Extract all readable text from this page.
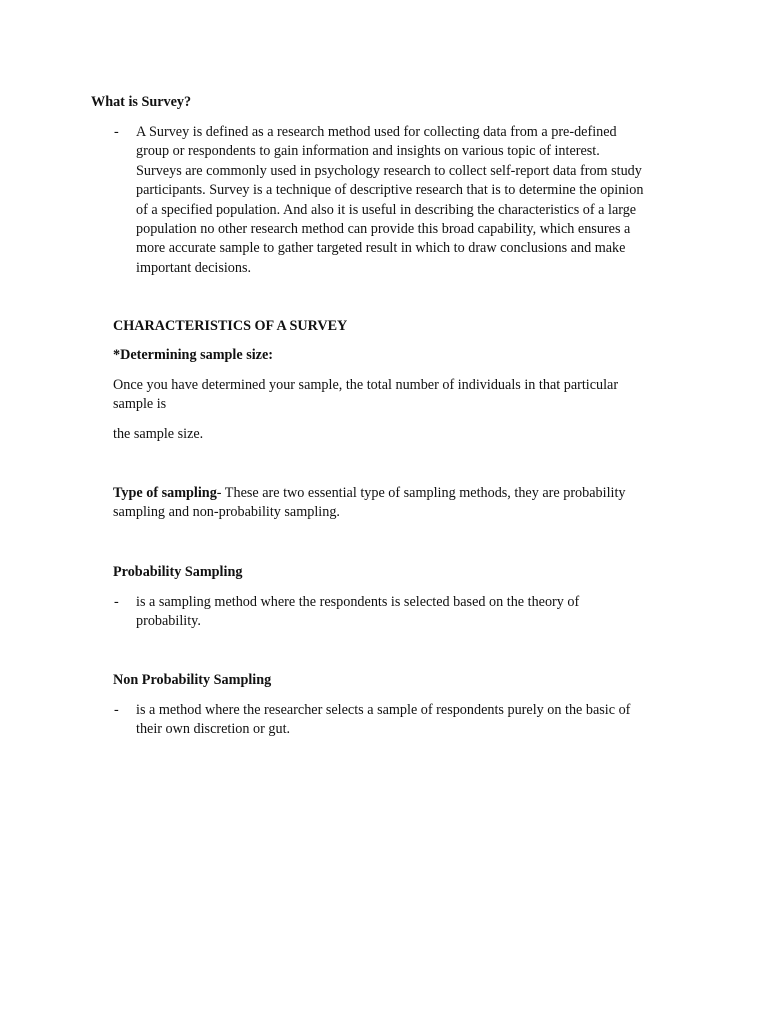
What is Survey?
- A Survey is defined as a research method used for collecting data from a pre-defined

group or respondents to gain information and insights on various topic of interest.

Surveys are commonly used in psychology research to collect self-report data from study

participants. Survey is a technique of descriptive research that is to determine the opinion

of a specified population. And also it is useful in describing the characteristics of a large

population no other research method can provide this broad capability, which ensures a

more accurate sample to gather targeted result in which to draw conclusions and make

important decisions.

CHARACTERISTICS OF A SURVEY
*Determining sample size:

Once you have determined your sample, the total number of individuals in that particular

sample is

the sample size.

Type of sampling- These are two essential type of sampling methods, they are probability

sampling and non-probability sampling.

Probability Sampling
- is a sampling method where the respondents is selected based on the theory of

probability.

Non Probability Sampling
- is a method where the researcher selects a sample of respondents purely on the basic of

their own discretion or gut.
